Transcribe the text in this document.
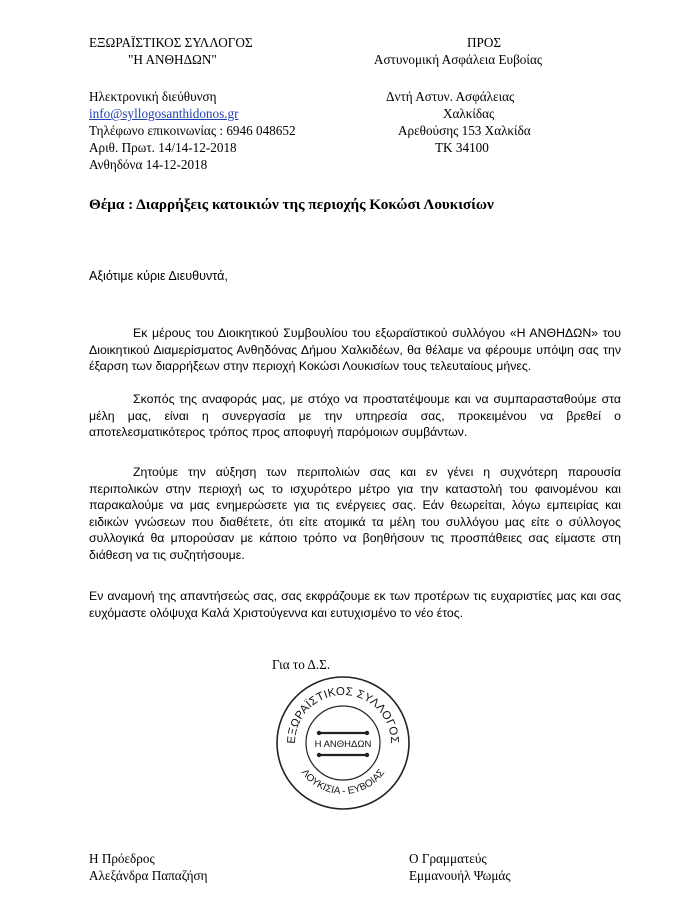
ΕΞΩΡΑΪΣΤΙΚΟΣ ΣΥΛΛΟΓΟΣ
"Η ΑΝΘΗΔΩΝ"
Ηλεκτρονική διεύθυνση
info@syllogosanthidonos.gr
Τηλέφωνο επικοινωνίας : 6946 048652
Αριθ. Πρωτ. 14/14-12-2018
Ανθηδόνα 14-12-2018
ΠΡΟΣ
Αστυνομική Ασφάλεια Ευβοίας
Δντή Αστυν. Ασφάλειας
Χαλκίδας
Αρεθούσης 153 Χαλκίδα
ΤΚ 34100
Θέμα : Διαρρήξεις κατοικιών της περιοχής Κοκώσι Λουκισίων
Αξιότιμε κύριε Διευθυντά,
Εκ μέρους του Διοικητικού Συμβουλίου του εξωραϊστικού συλλόγου «Η ΑΝΘΗΔΩΝ» του Διοικητικού Διαμερίσματος Ανθηδόνας Δήμου Χαλκιδέων, θα θέλαμε να φέρουμε υπόψη σας την έξαρση των διαρρήξεων στην περιοχή Κοκώσι Λουκισίων τους τελευταίους μήνες.
Σκοπός της αναφοράς μας, με στόχο να προστατέψουμε και να συμπαρασταθούμε στα μέλη μας, είναι η συνεργασία με την υπηρεσία σας, προκειμένου να βρεθεί ο αποτελεσματικότερος τρόπος προς αποφυγή παρόμοιων συμβάντων.
Ζητούμε την αύξηση των περιπολιών σας και εν γένει η συχνότερη παρουσία περιπολικών στην περιοχή ως το ισχυρότερο μέτρο για την καταστολή του φαινομένου και παρακαλούμε να μας ενημερώσετε για τις ενέργειες σας. Εάν θεωρείται, λόγω εμπειρίας και ειδικών γνώσεων που διαθέτετε, ότι είτε ατομικά τα μέλη του συλλόγου μας είτε ο σύλλογος συλλογικά θα μπορούσαν με κάποιο τρόπο να βοηθήσουν τις προσπάθειες σας είμαστε στη διάθεση να τις συζητήσουμε.
Εν αναμονή της απαντήσεώς σας, σας εκφράζουμε εκ των προτέρων τις ευχαριστίες μας και σας ευχόμαστε ολόψυχα Καλά Χριστούγεννα και ευτυχισμένο το νέο έτος.
Για το Δ.Σ.
ΕΞΩΡΑΪΣΤΙΚΟΣ ΣΥΛΛΟΓΟΣ
ΛΟΥΚΙΣΙΑ - ΕΥΒΟΙΑΣ
Η ΑΝΘΗΔΩΝ
Η Πρόεδρος
Αλεξάνδρα Παπαζήση
Ο Γραμματεύς
Εμμανουήλ Ψωμάς
